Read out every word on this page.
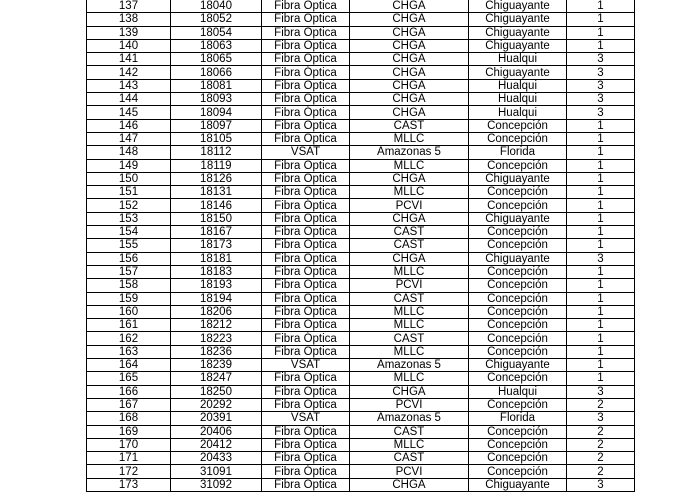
137	18040	Fibra Óptica	CHGA	Chiguayante	1
138	18052	Fibra Óptica	CHGA	Chiguayante	1
139	18054	Fibra Óptica	CHGA	Chiguayante	1
140	18063	Fibra Óptica	CHGA	Chiguayante	1
141	18065	Fibra Óptica	CHGA	Hualqui	3
142	18066	Fibra Óptica	CHGA	Chiguayante	3
143	18081	Fibra Óptica	CHGA	Hualqui	3
144	18093	Fibra Óptica	CHGA	Hualqui	3
145	18094	Fibra Óptica	CHGA	Hualqui	3
146	18097	Fibra Óptica	CAST	Concepción	1
147	18105	Fibra Óptica	MLLC	Concepción	1
148	18112	VSAT	Amazonas 5	Florida	1
149	18119	Fibra Óptica	MLLC	Concepción	1
150	18126	Fibra Óptica	CHGA	Chiguayante	1
151	18131	Fibra Óptica	MLLC	Concepción	1
152	18146	Fibra Óptica	PCVI	Concepción	1
153	18150	Fibra Óptica	CHGA	Chiguayante	1
154	18167	Fibra Óptica	CAST	Concepción	1
155	18173	Fibra Óptica	CAST	Concepción	1
156	18181	Fibra Óptica	CHGA	Chiguayante	3
157	18183	Fibra Óptica	MLLC	Concepción	1
158	18193	Fibra Óptica	PCVI	Concepción	1
159	18194	Fibra Óptica	CAST	Concepción	1
160	18206	Fibra Óptica	MLLC	Concepción	1
161	18212	Fibra Óptica	MLLC	Concepción	1
162	18223	Fibra Óptica	CAST	Concepción	1
163	18236	Fibra Óptica	MLLC	Concepción	1
164	18239	VSAT	Amazonas 5	Chiguayante	1
165	18247	Fibra Óptica	MLLC	Concepción	1
166	18250	Fibra Óptica	CHGA	Hualqui	3
167	20292	Fibra Óptica	PCVI	Concepción	2
168	20391	VSAT	Amazonas 5	Florida	3
169	20406	Fibra Óptica	CAST	Concepción	2
170	20412	Fibra Óptica	MLLC	Concepción	2
171	20433	Fibra Óptica	CAST	Concepción	2
172	31091	Fibra Óptica	PCVI	Concepción	2
173	31092	Fibra Óptica	CHGA	Chiguayante	3
